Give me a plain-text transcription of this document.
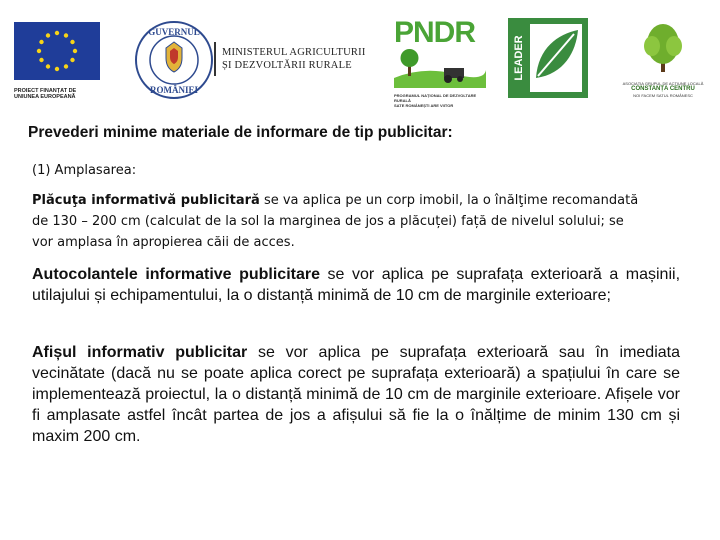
PROIECT FINANȚAT DE
UNIUNEA EUROPEANĂ
GUVERNUL
ROMÂNIEI
MINISTERUL AGRICULTURII
ȘI DEZVOLTĂRII RURALE
PNDR
PROGRAMUL NAȚIONAL DE DEZVOLTARE RURALĂ
SATE ROMÂNEȘTI ARE VIITOR
LEADER
ASOCIAȚIA GRUPUL DE ACȚIUNE LOCALĂ
CONSTANȚA CENTRU
NOI FACEM SATUL ROMÂNESC
Prevederi minime materiale de informare de tip publicitar:
(1) Amplasarea:
Plăcuţa informativă publicitară se va aplica pe un corp imobil, la o înălţime recomandată
de 130 – 200 cm (calculat de la sol la marginea de jos a plăcuței) față de nivelul solului; se
vor amplasa în apropierea căii de acces.
Autocolantele informative publicitare se vor aplica pe suprafața exterioară a mașinii, utilajului și echipamentului, la o distanță minimă de 10 cm de marginile exterioare;
Afișul informativ publicitar se vor aplica pe suprafața exterioară sau în imediata vecinătate (dacă nu se poate aplica corect pe suprafața exterioară) a spațiului în care se implementează proiectul, la o distanță minimă de 10 cm de marginile exterioare. Afișele vor fi amplasate astfel încât partea de jos a afișului să fie la o înălțime de minim 130 cm și maxim 200 cm.
